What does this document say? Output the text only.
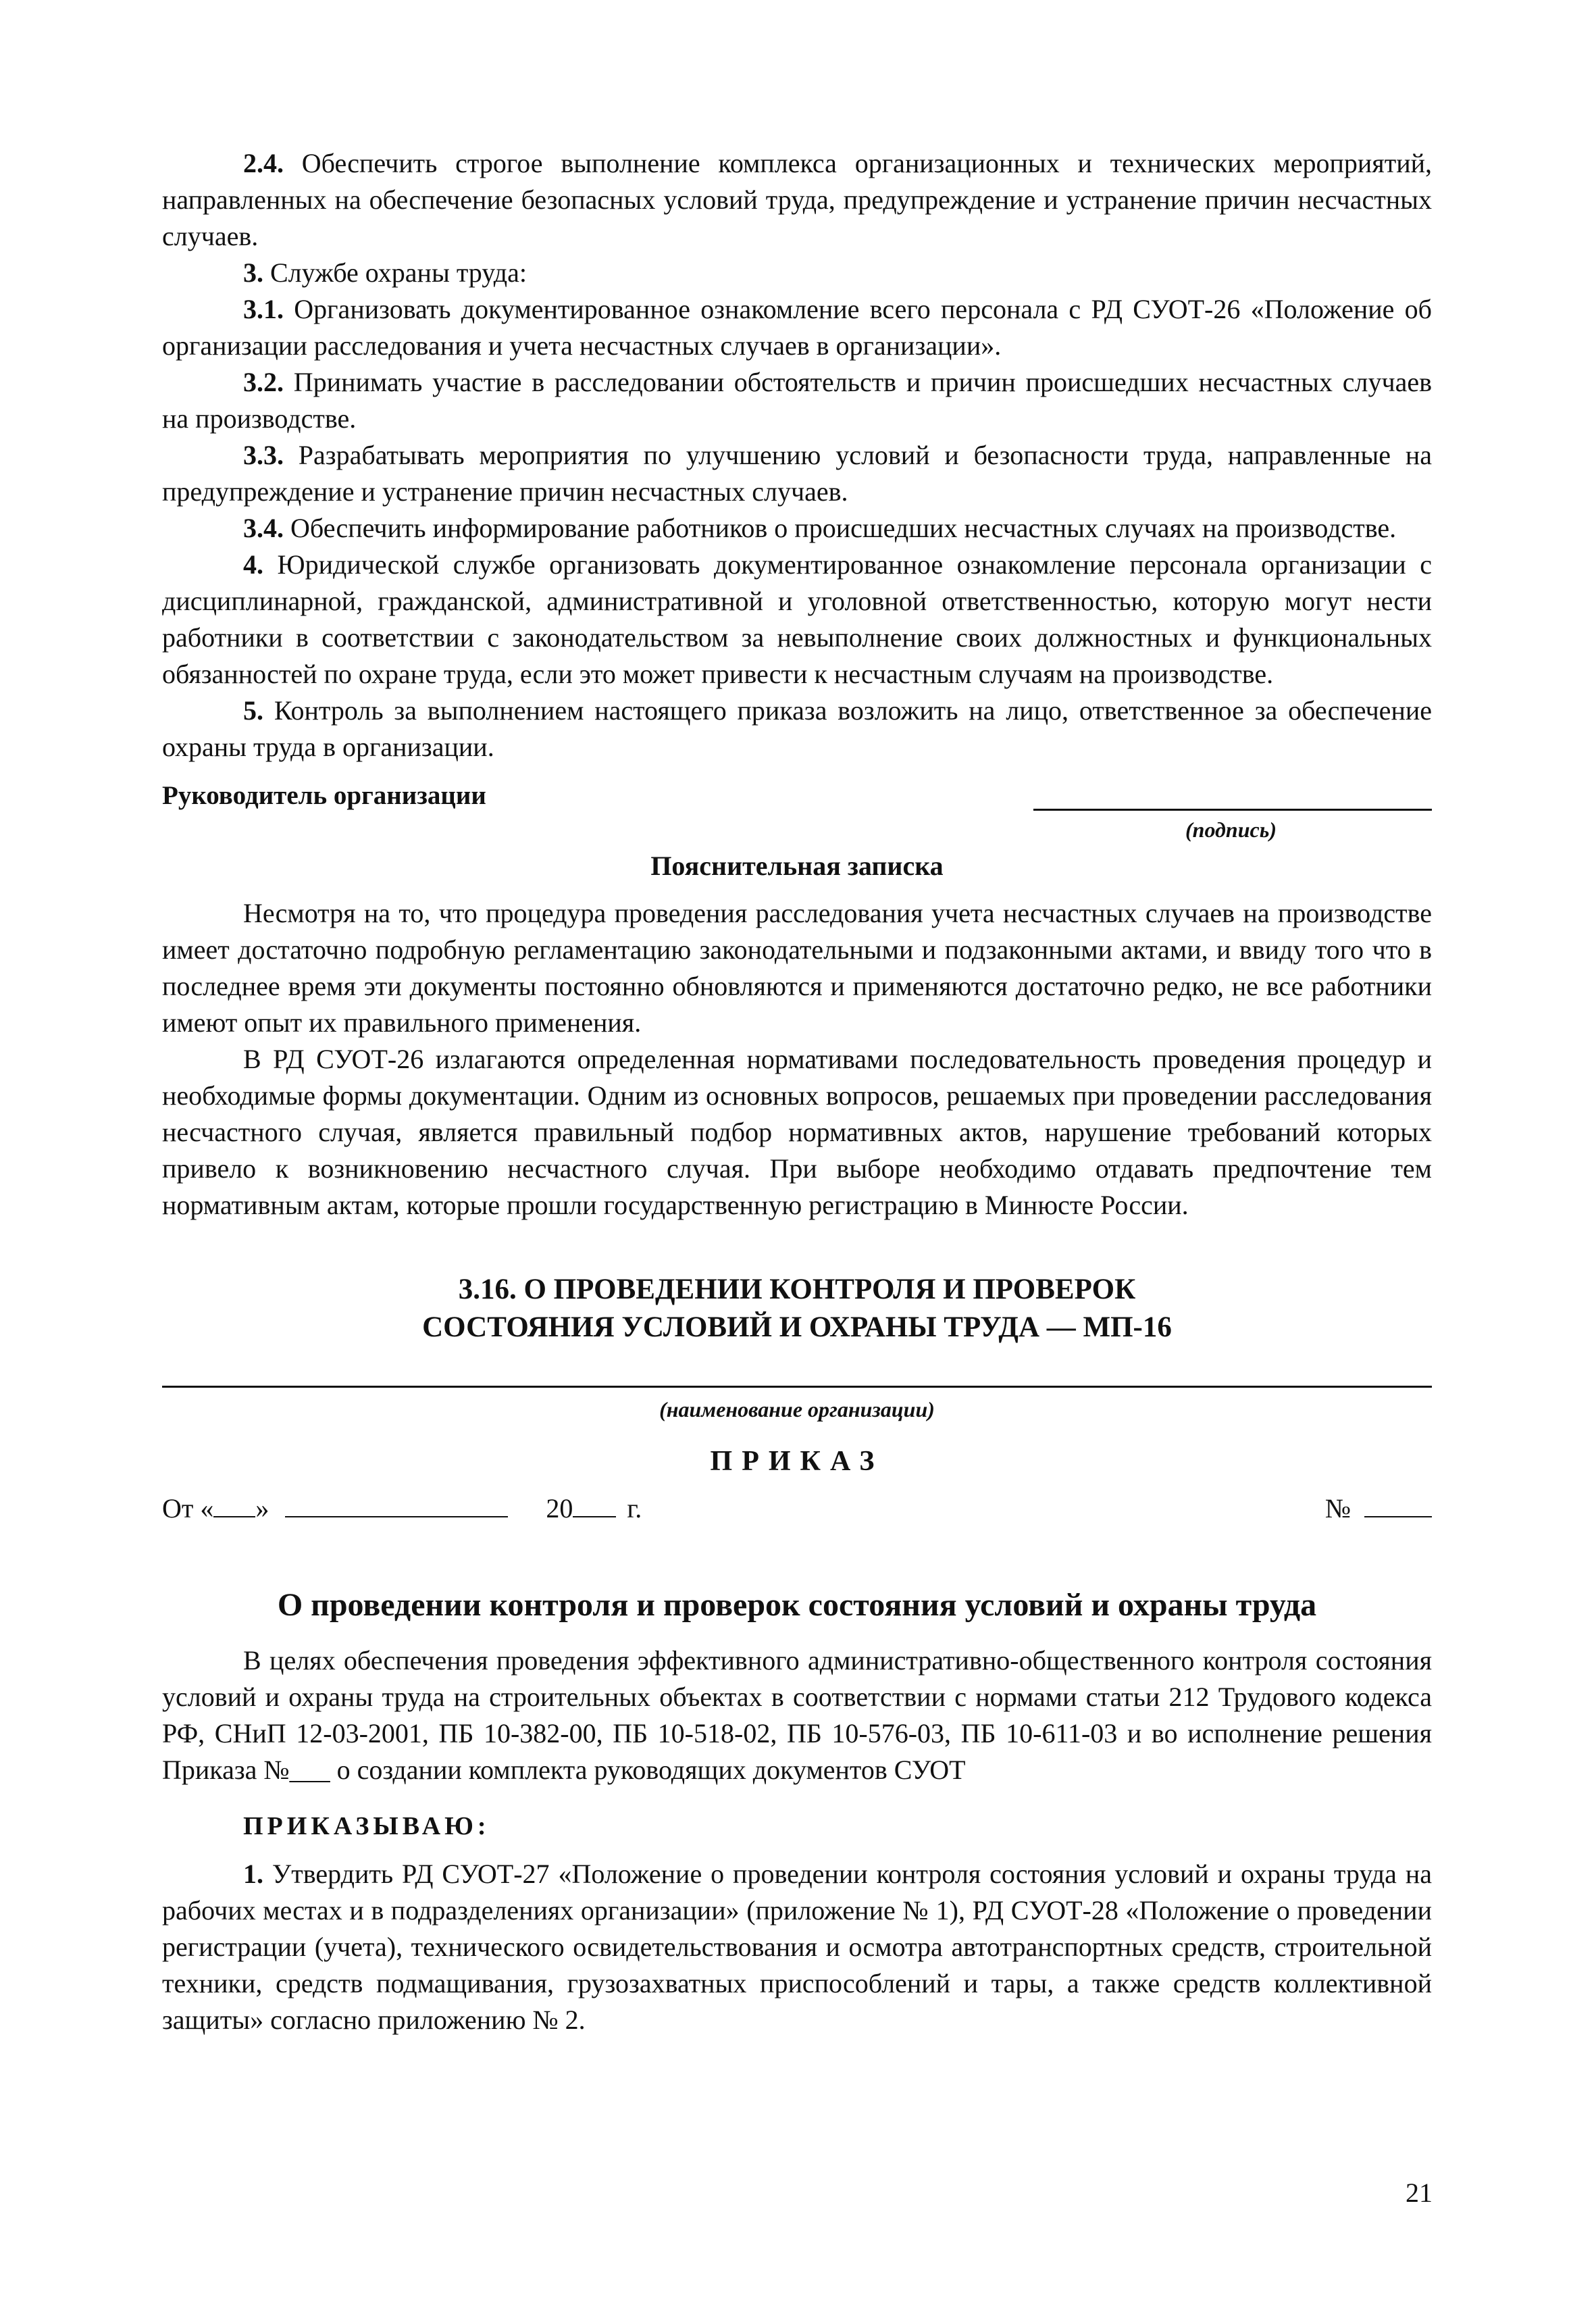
2.4. Обеспечить строгое выполнение комплекса организационных и технических мероприятий, направленных на обеспечение безопасных условий труда, предупреждение и устранение причин несчастных случаев.

3. Службе охраны труда:

3.1. Организовать документированное ознакомление всего персонала с РД СУОТ-26 «Положение об организации расследования и учета несчастных случаев в организации».

3.2. Принимать участие в расследовании обстоятельств и причин происшедших несчастных случаев на производстве.

3.3. Разрабатывать мероприятия по улучшению условий и безопасности труда, направленные на предупреждение и устранение причин несчастных случаев.

3.4. Обеспечить информирование работников о происшедших несчастных случаях на производстве.

4. Юридической службе организовать документированное ознакомление персонала организации с дисциплинарной, гражданской, административной и уголовной ответственностью, которую могут нести работники в соответствии с законодательством за невыполнение своих должностных и функциональных обязанностей по охране труда, если это может привести к несчастным случаям на производстве.

5. Контроль за выполнением настоящего приказа возложить на лицо, ответственное за обеспечение охраны труда в организации.

Руководитель организации
(подпись)

Пояснительная записка

Несмотря на то, что процедура проведения расследования учета несчастных случаев на производстве имеет достаточно подробную регламентацию законодательными и подзаконными актами, и ввиду того что в последнее время эти документы постоянно обновляются и применяются достаточно редко, не все работники имеют опыт их правильного применения.

В РД СУОТ-26 излагаются определенная нормативами последовательность проведения процедур и необходимые формы документации. Одним из основных вопросов, решаемых при проведении расследования несчастного случая, является правильный подбор нормативных актов, нарушение требований которых привело к возникновению несчастного случая. При выборе необходимо отдавать предпочтение тем нормативным актам, которые прошли государственную регистрацию в Минюсте России.

3.16. О ПРОВЕДЕНИИ КОНТРОЛЯ И ПРОВЕРОК
СОСТОЯНИЯ УСЛОВИЙ И ОХРАНЫ ТРУДА — МП-16

(наименование организации)
ПРИКАЗ
От « »	20 г.	№
О проведении контроля и проверок состояния условий и охраны труда

В целях обеспечения проведения эффективного административно-общественного контроля состояния условий и охраны труда на строительных объектах в соответствии с нормами статьи 212 Трудового кодекса РФ, СНиП 12-03-2001, ПБ 10-382-00, ПБ 10-518-02, ПБ 10-576-03, ПБ 10-611-03 и во исполнение решения Приказа №___ о создании комплекта руководящих документов СУОТ

ПРИКАЗЫВАЮ:

1. Утвердить РД СУОТ-27 «Положение о проведении контроля состояния условий и охраны труда на рабочих местах и в подразделениях организации» (приложение № 1), РД СУОТ-28 «Положение о проведении регистрации (учета), технического освидетельствования и осмотра автотранспортных средств, строительной техники, средств подмащивания, грузозахватных приспособлений и тары, а также средств коллективной защиты» согласно приложению № 2.

21
